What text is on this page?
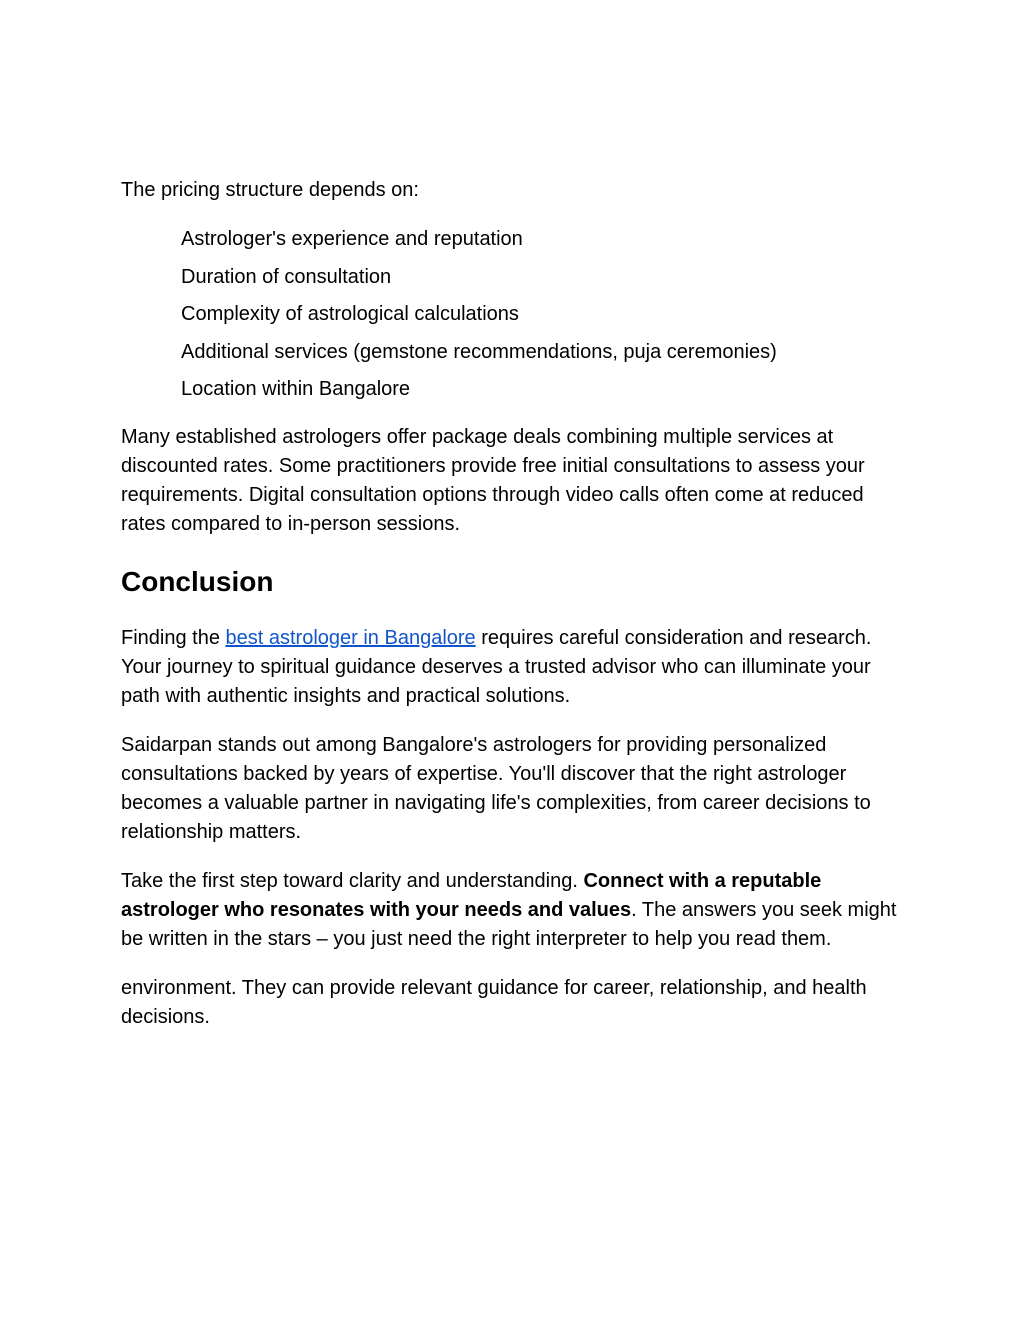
The pricing structure depends on:

Astrologer's experience and reputation
Duration of consultation
Complexity of astrological calculations
Additional services (gemstone recommendations, puja ceremonies)
Location within Bangalore

Many established astrologers offer package deals combining multiple services at discounted rates. Some practitioners provide free initial consultations to assess your requirements. Digital consultation options through video calls often come at reduced rates compared to in-person sessions.

Conclusion

Finding the best astrologer in Bangalore requires careful consideration and research. Your journey to spiritual guidance deserves a trusted advisor who can illuminate your path with authentic insights and practical solutions.

Saidarpan stands out among Bangalore's astrologers for providing personalized consultations backed by years of expertise. You'll discover that the right astrologer becomes a valuable partner in navigating life's complexities, from career decisions to relationship matters.

Take the first step toward clarity and understanding. Connect with a reputable astrologer who resonates with your needs and values. The answers you seek might be written in the stars – you just need the right interpreter to help you read them.

environment. They can provide relevant guidance for career, relationship, and health decisions.
